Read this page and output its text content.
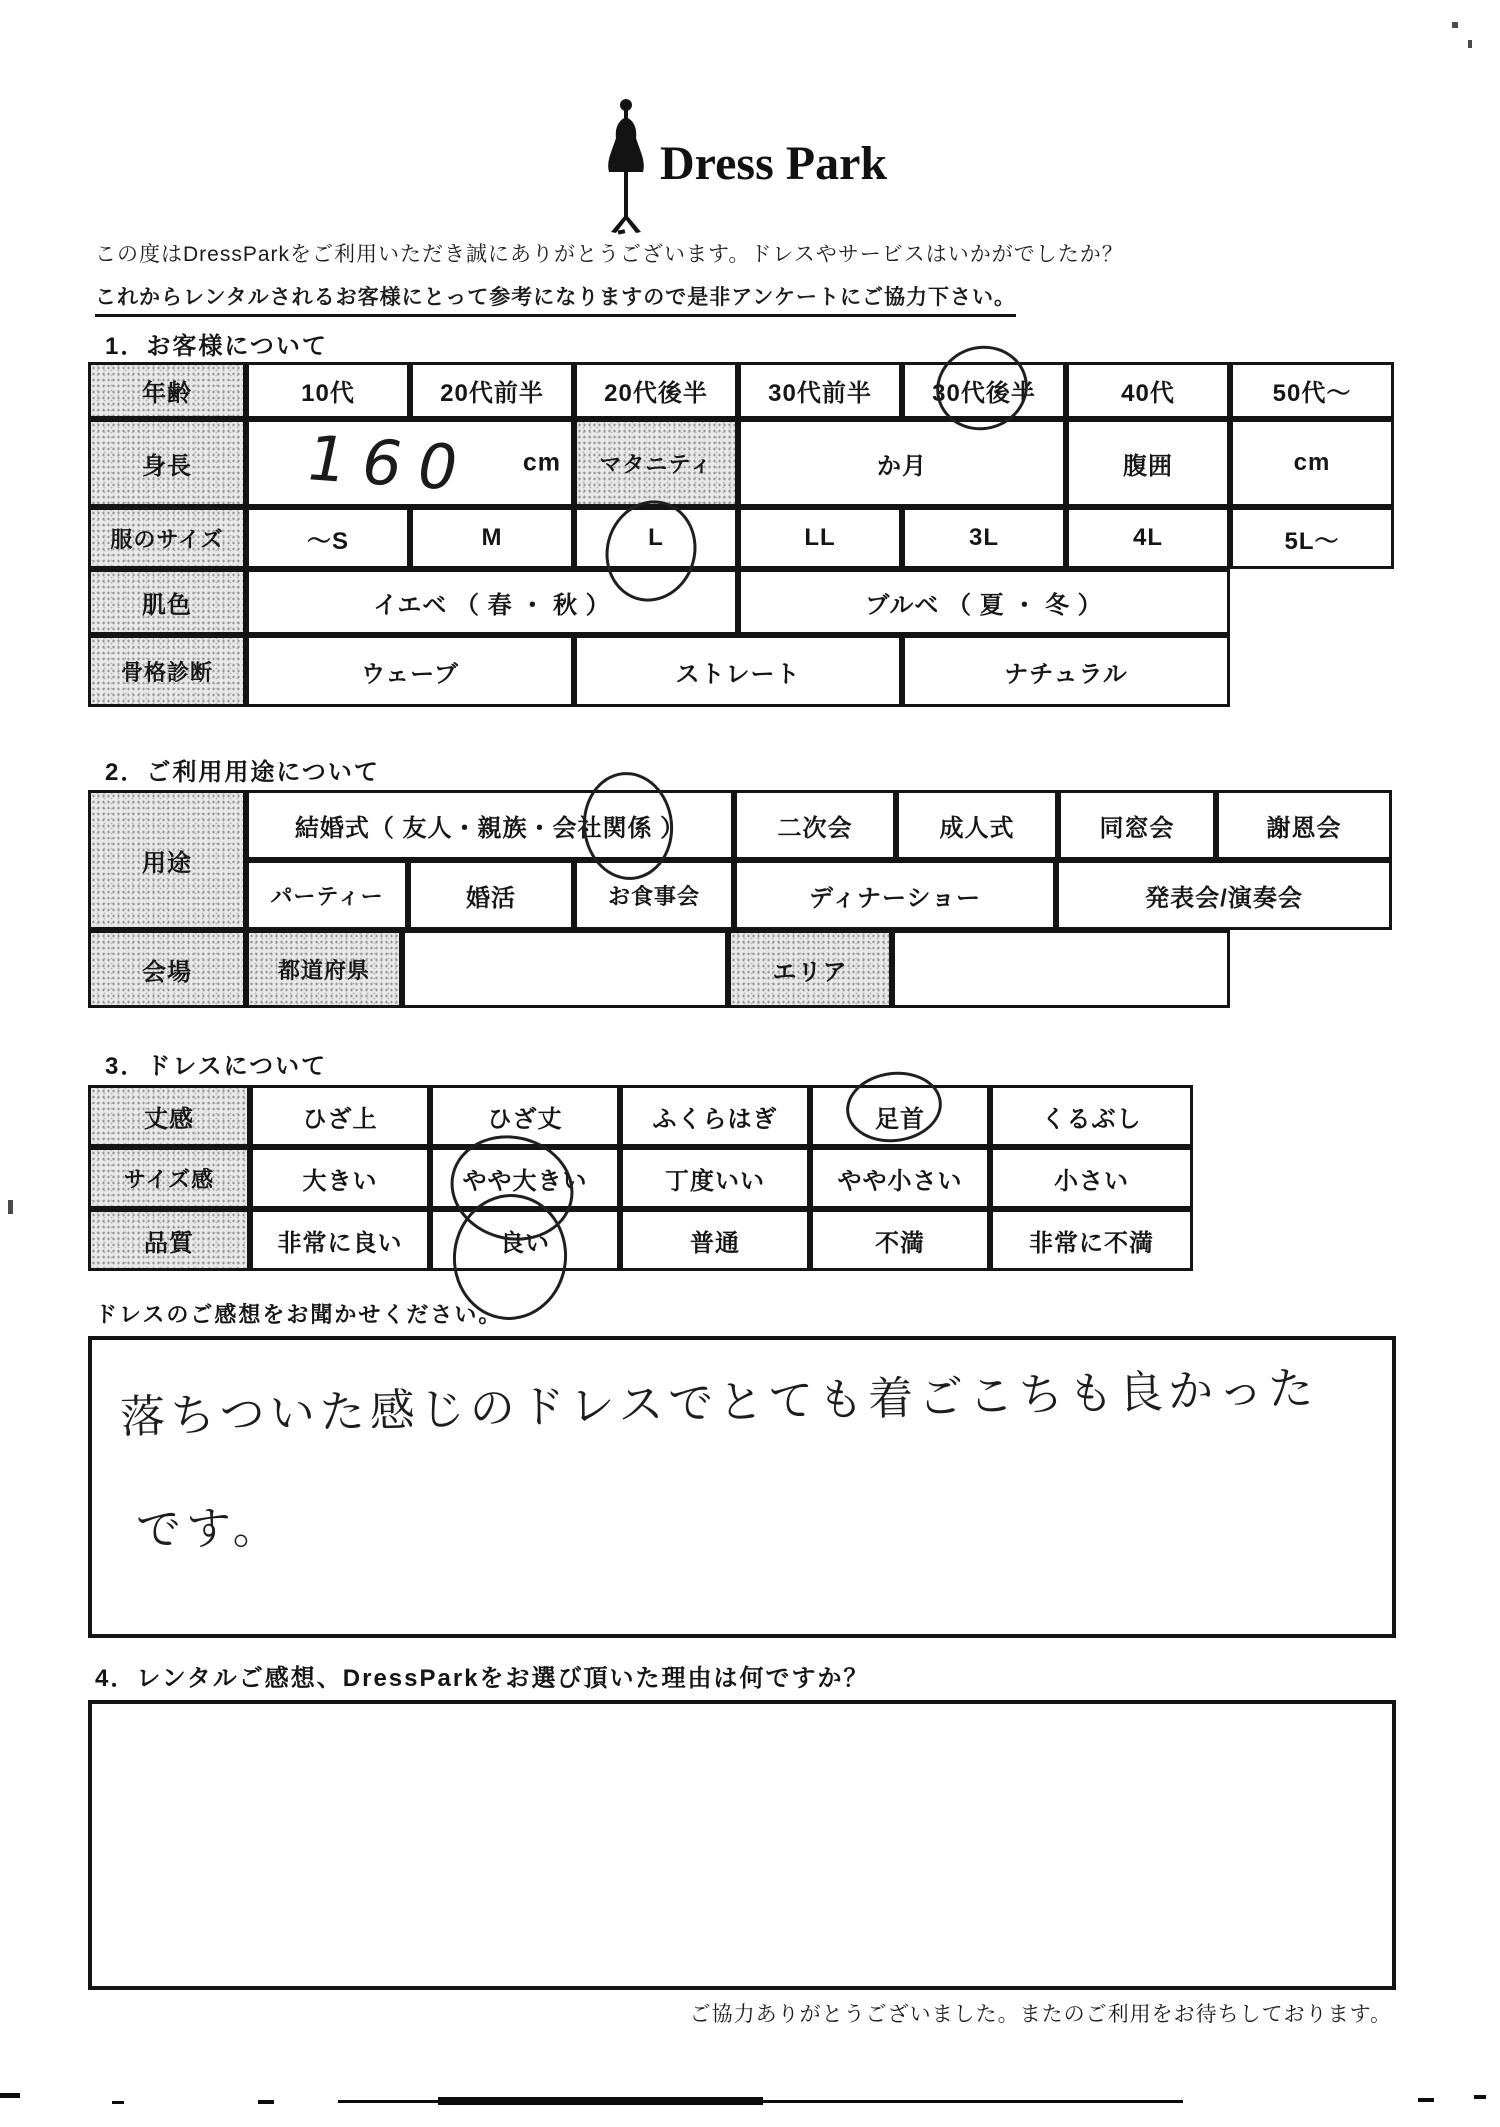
Dress Park
この度はDressParkをご利用いただき誠にありがとうございます。ドレスやサービスはいかがでしたか？
これからレンタルされるお客様にとって参考になりますので是非アンケートにご協力下さい。
1．お客様について
年齢	10代	20代前半	20代後半	30代前半	30代後半	40代	50代～
身長	160 cm	マタニティ	か月	腹囲	cm
服のサイズ	～S	M	L	LL	3L	4L	5L～
肌色	イエベ （ 春 ・ 秋 ）	ブルベ （ 夏 ・ 冬 ）
骨格診断	ウェーブ	ストレート	ナチュラル
2．ご利用用途について
用途
結婚式（ 友人・親族・会社関係 ）	二次会	成人式	同窓会	謝恩会
パーティー	婚活	お食事会	ディナーショー	発表会/演奏会
会場	都道府県	エリア
3．ドレスについて
丈感	ひざ上	ひざ丈	ふくらはぎ	足首	くるぶし
サイズ感	大きい	やや大きい	丁度いい	やや小さい	小さい
品質	非常に良い	良い	普通	不満	非常に不満
ドレスのご感想をお聞かせください。
落ちついた感じのドレスでとても着ごこちも良かった
です。
4．レンタルご感想、DressParkをお選び頂いた理由は何ですか？
ご協力ありがとうございました。またのご利用をお待ちしております。
